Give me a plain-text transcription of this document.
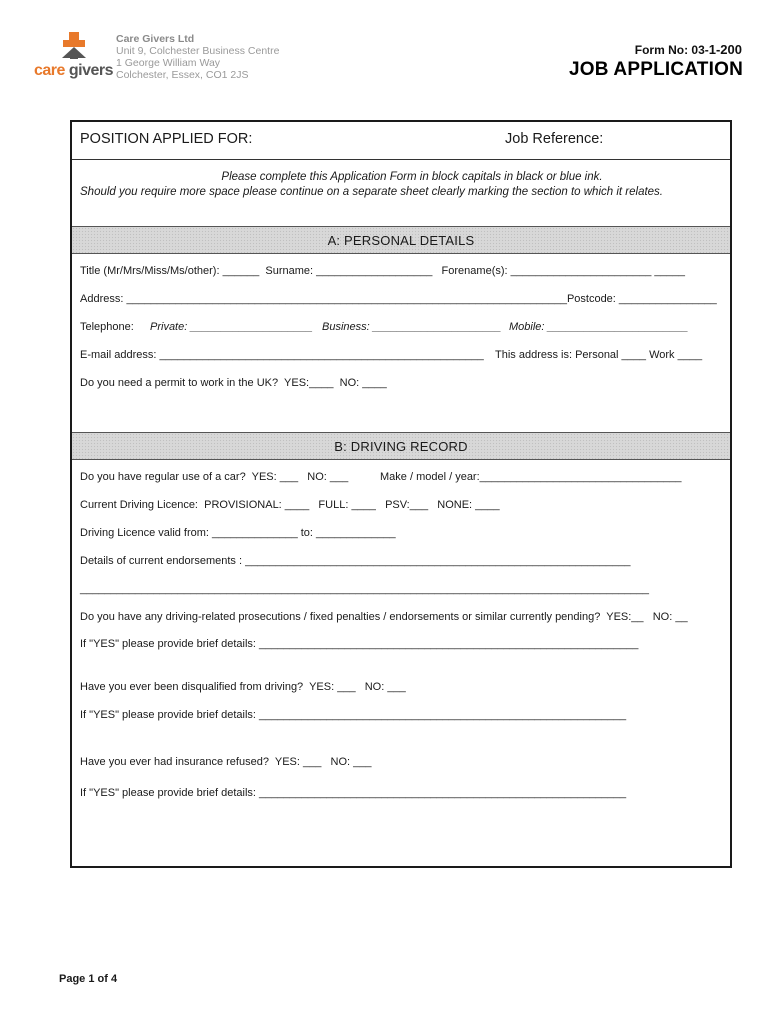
care givers
Care Givers Ltd
Unit 9, Colchester Business Centre
1 George William Way
Colchester, Essex, CO1 2JS
Form No: 03-1-200
JOB APPLICATION
POSITION APPLIED FOR:	Job Reference:
Please complete this Application Form in block capitals in black or blue ink.
Should you require more space please continue on a separate sheet clearly marking the section to which it relates.
A: PERSONAL DETAILS
Title (Mr/Mrs/Miss/Ms/other): ______  Surname: ___________________   Forename(s): _______________________ _____
Address: ________________________________________________________________________Postcode: ________________
Telephone: Private: ____________________ Business: _____________________ Mobile: _______________________
E-mail address: _____________________________________________________ This address is: Personal ____ Work ____
Do you need a permit to work in the UK?  YES:____  NO: ____
B: DRIVING RECORD
Do you have regular use of a car?  YES: ___   NO: ___	Make / model / year:_________________________________
Current Driving Licence:  PROVISIONAL: ____   FULL: ____   PSV:___   NONE: ____
Driving Licence valid from: ______________ to: _____________
Details of current endorsements : _______________________________________________________________
_____________________________________________________________________________________________
Do you have any driving-related prosecutions / fixed penalties / endorsements or similar currently pending?  YES:__   NO: __
If "YES" please provide brief details: ______________________________________________________________
Have you ever been disqualified from driving?  YES: ___   NO: ___
If "YES" please provide brief details: ____________________________________________________________
Have you ever had insurance refused?  YES: ___   NO: ___
If "YES" please provide brief details: ____________________________________________________________
Page 1 of 4
